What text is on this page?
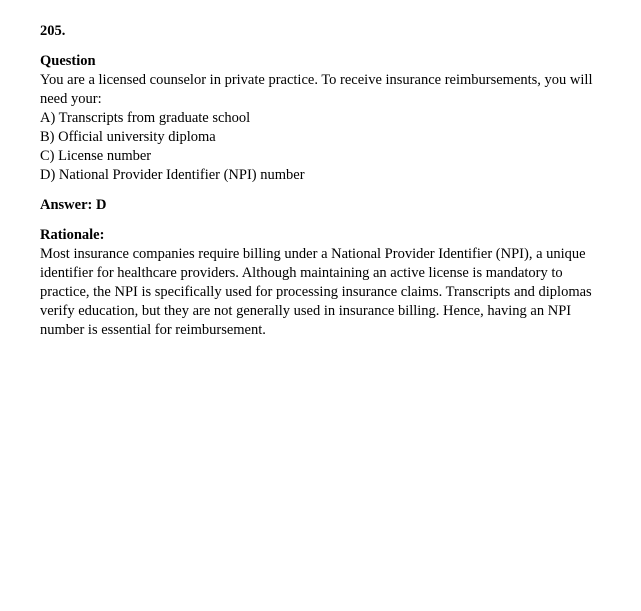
205.
Question
You are a licensed counselor in private practice. To receive insurance reimbursements, you will need your:
A) Transcripts from graduate school
B) Official university diploma
C) License number
D) National Provider Identifier (NPI) number
Answer: D
Rationale:
Most insurance companies require billing under a National Provider Identifier (NPI), a unique identifier for healthcare providers. Although maintaining an active license is mandatory to practice, the NPI is specifically used for processing insurance claims. Transcripts and diplomas verify education, but they are not generally used in insurance billing. Hence, having an NPI number is essential for reimbursement.
